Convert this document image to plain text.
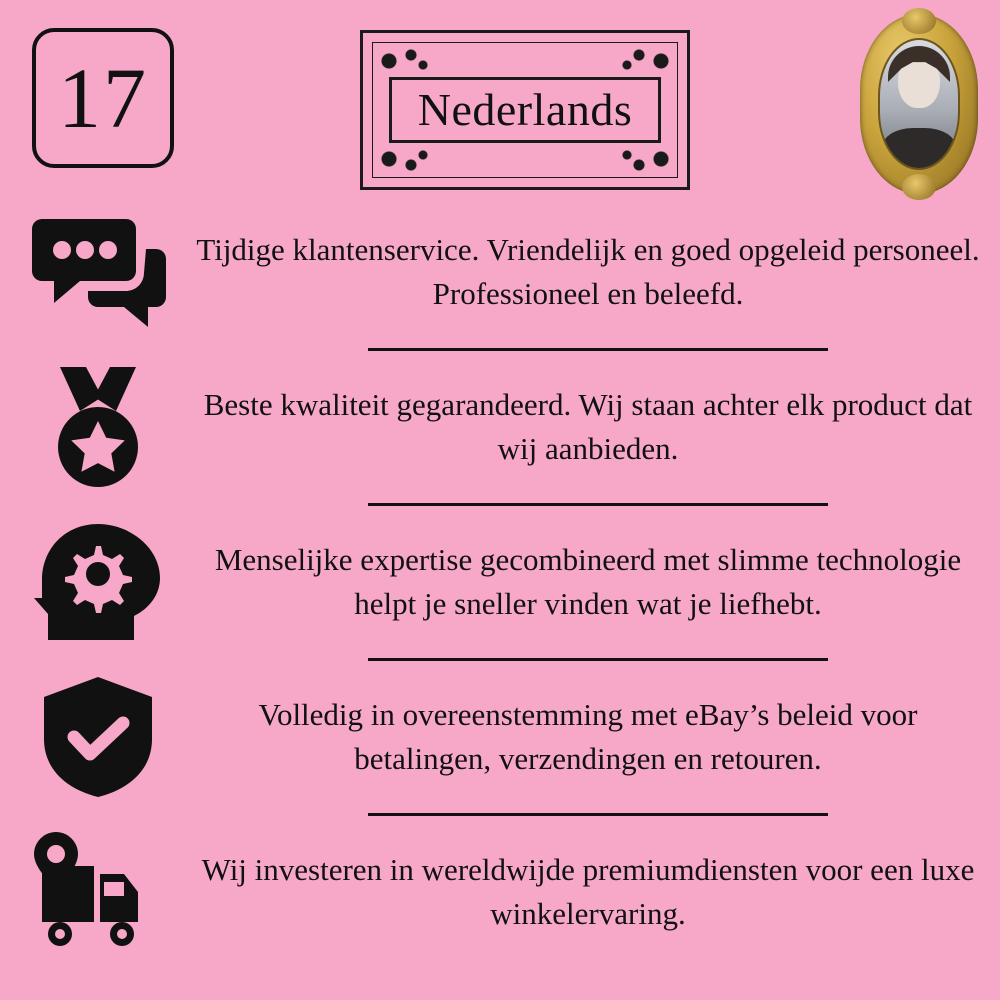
17	Nederlands
Tijdige klantenservice. Vriendelijk en goed opgeleid personeel. Professioneel en beleefd.
Beste kwaliteit gegarandeerd. Wij staan achter elk product dat wij aanbieden.
Menselijke expertise gecombineerd met slimme technologie helpt je sneller vinden wat je liefhebt.
Volledig in overeenstemming met eBay’s beleid voor betalingen, verzendingen en retouren.
Wij investeren in wereldwijde premiumdiensten voor een luxe winkelervaring.
